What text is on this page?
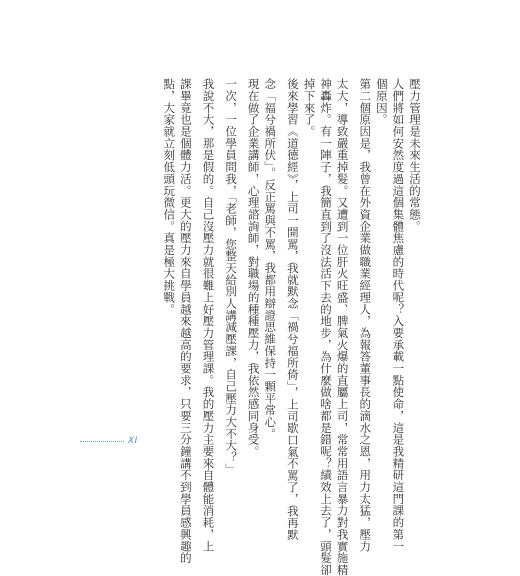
壓力管理是未來生活的常態。
人們將如何安然度過這個集體焦慮的時代呢？入要承載一點使命，這是我精研這門課的第一
個原因。
第二個原因是，我曾在外資企業做職業經理人，為報答董事長的滴水之恩，用力太猛，壓力
太大，導致嚴重掉髮。又遭到一位肝火旺盛、脾氣火爆的直屬上司，常常用語言暴力對我實施精
神轟炸。有一陣子，我簡直到了沒法活下去的地步，為什麼做啥都是錯呢？績效上去了，頭髮卻
掉下來了。
後來學習《道德經》，上司一開罵，我就默念「禍兮福所倚」，上司歇口氣不罵了，我再默
念「福兮禍所伏」。反正罵與不罵，我都用辯證思維保持一顆平常心。
現在做了企業講師，心理諮詢師，對職場的種種壓力，我依然感同身受。
一次，一位學員問我，「老師，您整天給別人講減壓課，自己壓力大不大？」
我說不大，那是假的。自己沒壓力就很難上好壓力管理課。我的壓力主要來自體能消耗，上
課畢竟也是個體力活。更大的壓力來自學員越來越高的要求，只要三分鐘講不到學員感興趣的
點，大家就立刻低頭玩微信。真是極大挑戰。
XI
